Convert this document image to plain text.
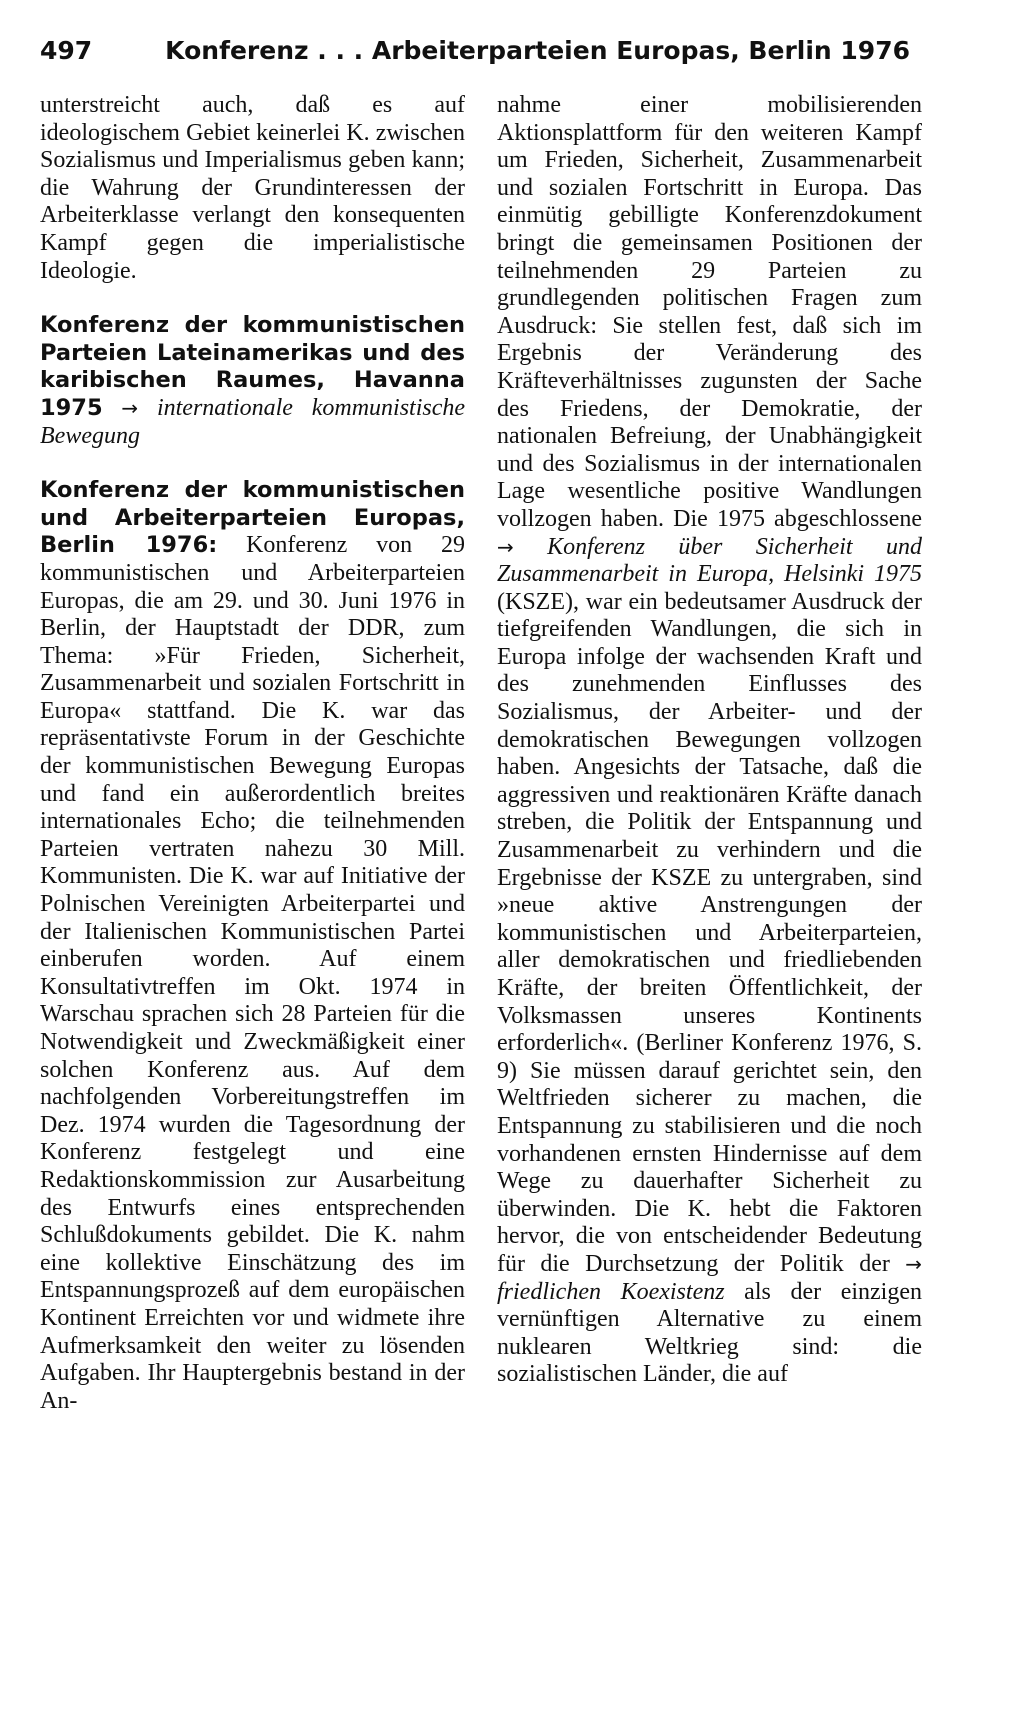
497	Konferenz . . . Arbeiterparteien Europas, Berlin 1976

unterstreicht auch, daß es auf ideologischem Gebiet keinerlei K. zwischen Sozialismus und Imperialismus geben kann; die Wahrung der Grundinteressen der Arbeiterklasse verlangt den konsequenten Kampf gegen die imperialistische Ideologie.

Konferenz der kommunistischen Parteien Lateinamerikas und des karibischen Raumes, Havanna 1975 → internationale kommunistische Bewegung

Konferenz der kommunistischen und Arbeiterparteien Europas, Berlin 1976: Konferenz von 29 kommunistischen und Arbeiterparteien Europas, die am 29. und 30. Juni 1976 in Berlin, der Hauptstadt der DDR, zum Thema: »Für Frieden, Sicherheit, Zusammenarbeit und sozialen Fortschritt in Europa« stattfand. Die K. war das repräsentativste Forum in der Geschichte der kommunistischen Bewegung Europas und fand ein außerordentlich breites internationales Echo; die teilnehmenden Parteien vertraten nahezu 30 Mill. Kommunisten. Die K. war auf Initiative der Polnischen Vereinigten Arbeiterpartei und der Italienischen Kommunistischen Partei einberufen worden. Auf einem Konsultativtreffen im Okt. 1974 in Warschau sprachen sich 28 Parteien für die Notwendigkeit und Zweckmäßigkeit einer solchen Konferenz aus. Auf dem nachfolgenden Vorbereitungstreffen im Dez. 1974 wurden die Tagesordnung der Konferenz festgelegt und eine Redaktionskommission zur Ausarbeitung des Entwurfs eines entsprechenden Schlußdokuments gebildet. Die K. nahm eine kollektive Einschätzung des im Entspannungsprozeß auf dem europäischen Kontinent Erreichten vor und widmete ihre Aufmerksamkeit den weiter zu lösenden Aufgaben. Ihr Hauptergebnis bestand in der An-

nahme einer mobilisierenden Aktionsplattform für den weiteren Kampf um Frieden, Sicherheit, Zusammenarbeit und sozialen Fortschritt in Europa. Das einmütig gebilligte Konferenzdokument bringt die gemeinsamen Positionen der teilnehmenden 29 Parteien zu grundlegenden politischen Fragen zum Ausdruck: Sie stellen fest, daß sich im Ergebnis der Veränderung des Kräfteverhältnisses zugunsten der Sache des Friedens, der Demokratie, der nationalen Befreiung, der Unabhängigkeit und des Sozialismus in der internationalen Lage wesentliche positive Wandlungen vollzogen haben. Die 1975 abgeschlossene → Konferenz über Sicherheit und Zusammenarbeit in Europa, Helsinki 1975 (KSZE), war ein bedeutsamer Ausdruck der tiefgreifenden Wandlungen, die sich in Europa infolge der wachsenden Kraft und des zunehmenden Einflusses des Sozialismus, der Arbeiter- und der demokratischen Bewegungen vollzogen haben. Angesichts der Tatsache, daß die aggressiven und reaktionären Kräfte danach streben, die Politik der Entspannung und Zusammenarbeit zu verhindern und die Ergebnisse der KSZE zu untergraben, sind »neue aktive Anstrengungen der kommunistischen und Arbeiterparteien, aller demokratischen und friedliebenden Kräfte, der breiten Öffentlichkeit, der Volksmassen unseres Kontinents erforderlich«. (Berliner Konferenz 1976, S. 9) Sie müssen darauf gerichtet sein, den Weltfrieden sicherer zu machen, die Entspannung zu stabilisieren und die noch vorhandenen ernsten Hindernisse auf dem Wege zu dauerhafter Sicherheit zu überwinden. Die K. hebt die Faktoren hervor, die von entscheidender Bedeutung für die Durchsetzung der Politik der → friedlichen Koexistenz als der einzigen vernünftigen Alternative zu einem nuklearen Weltkrieg sind: die sozialistischen Länder, die auf
